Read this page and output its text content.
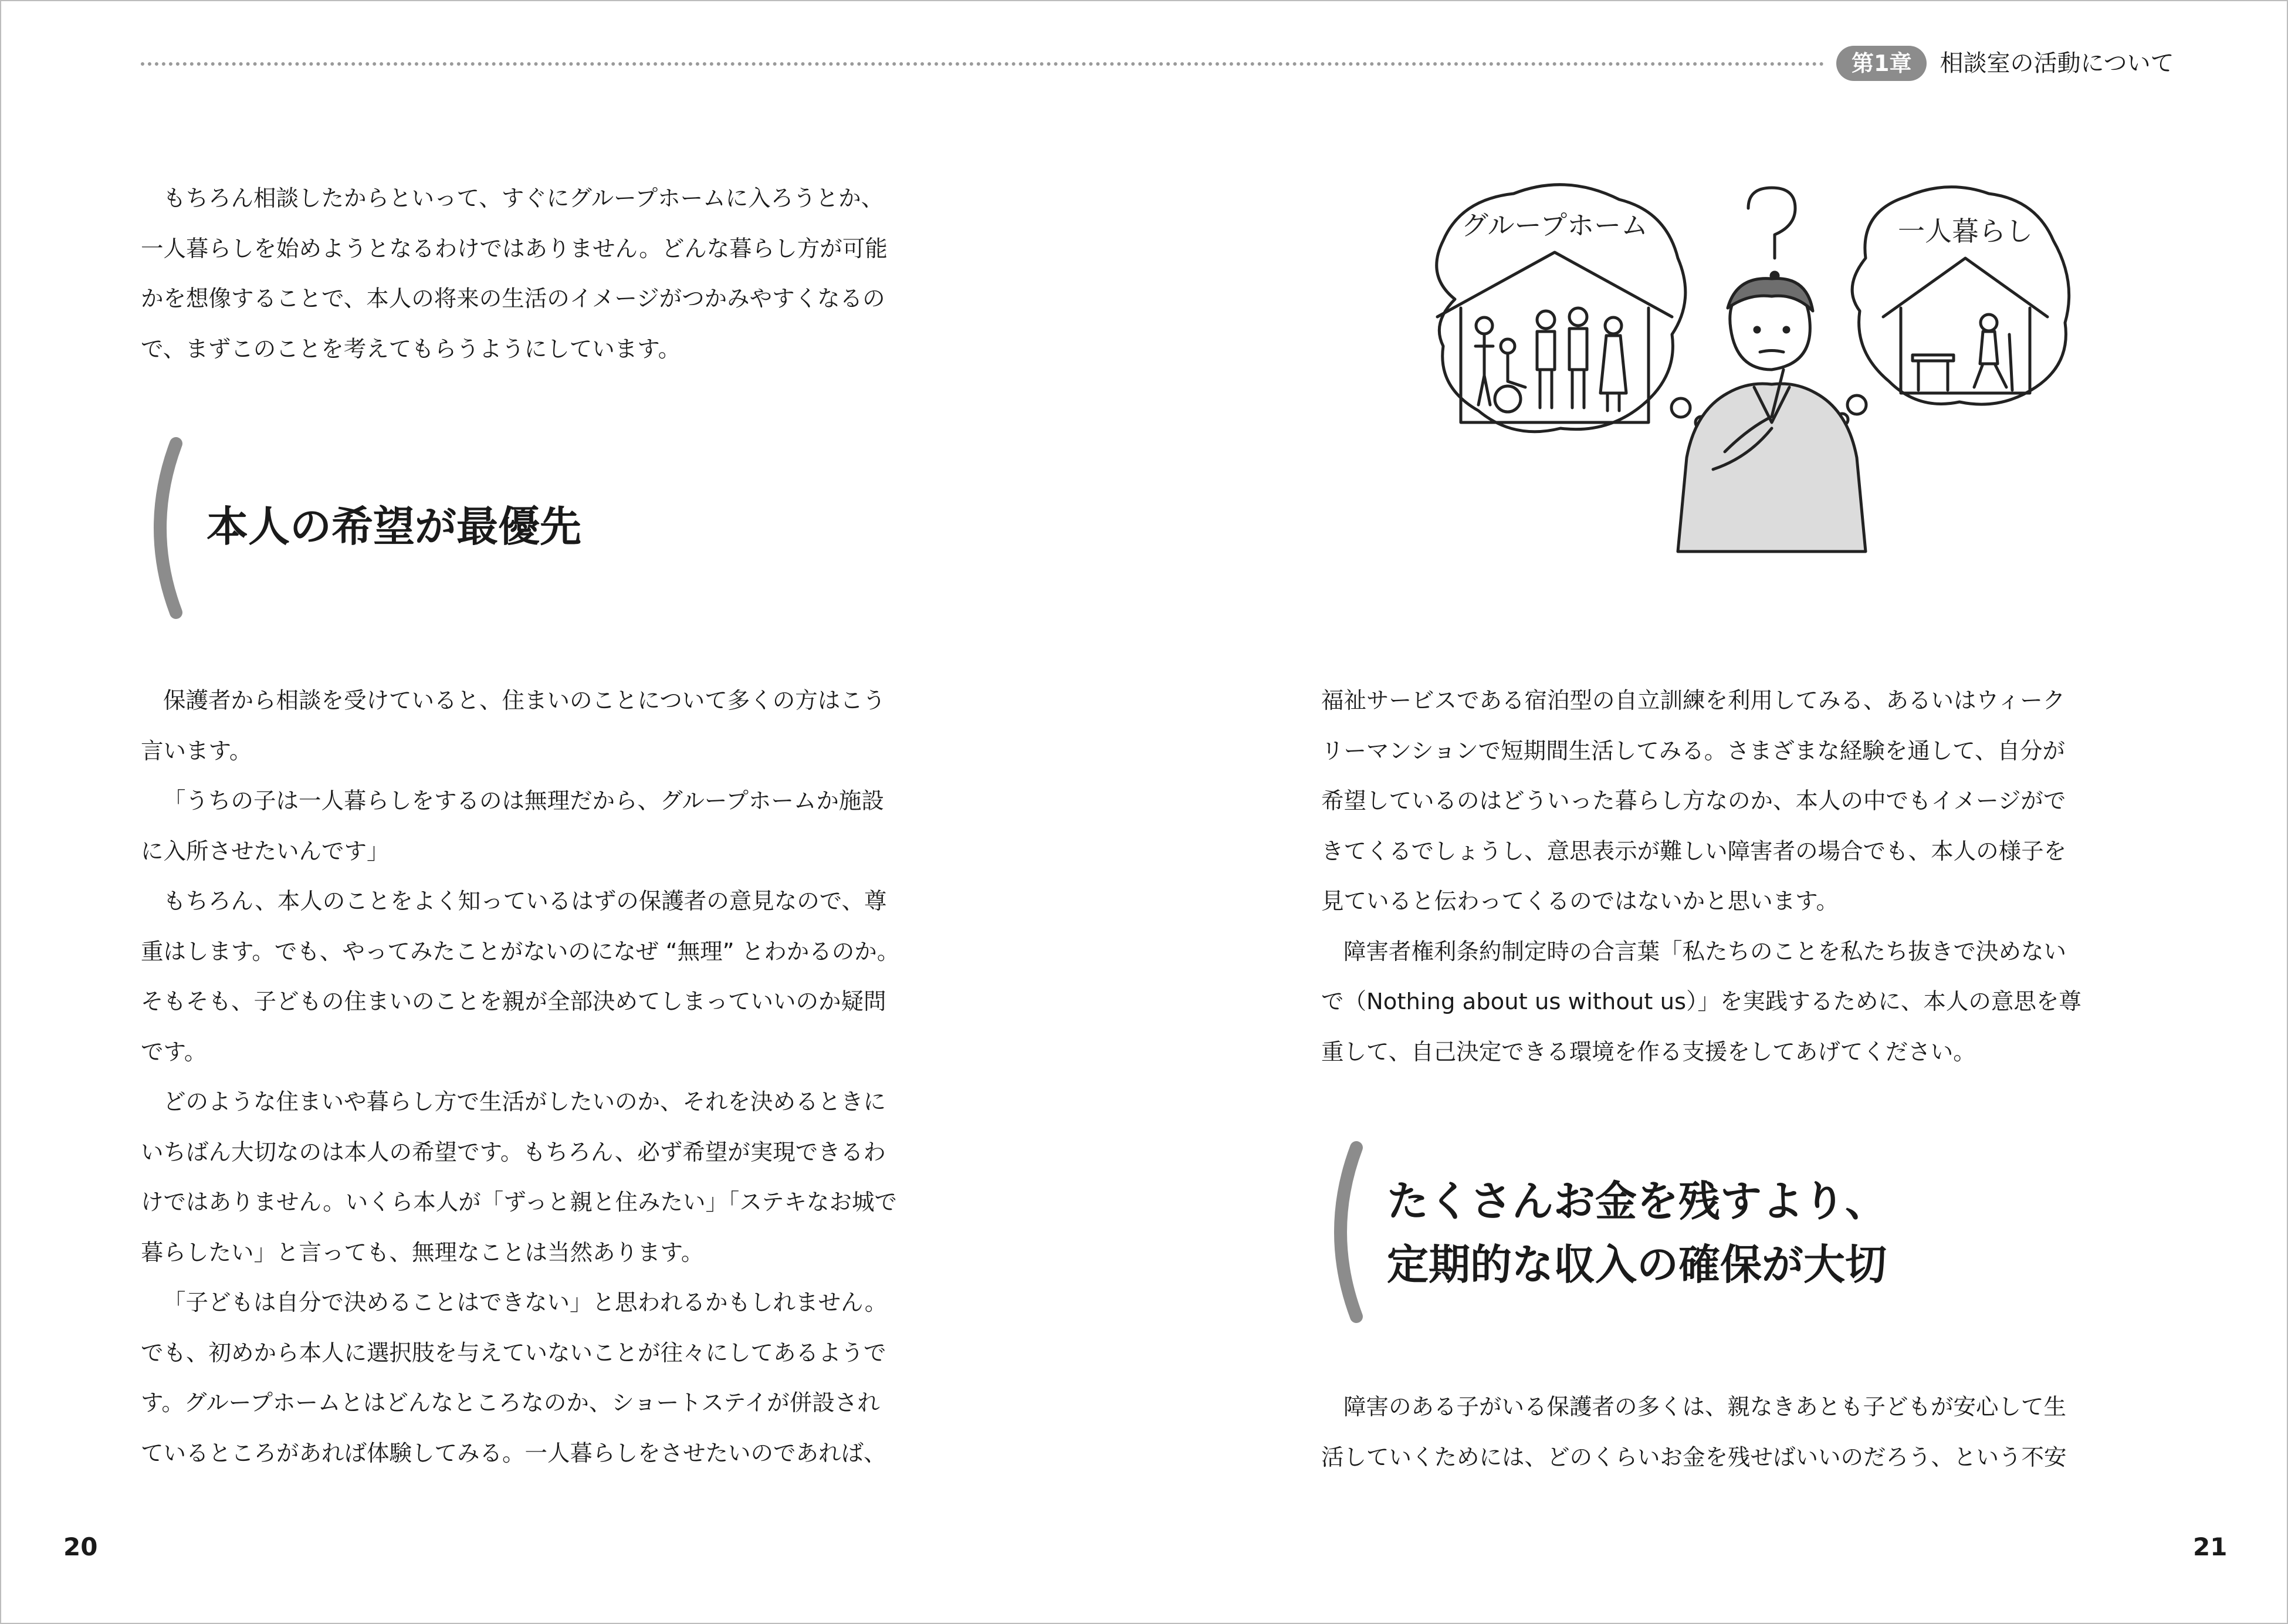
第1章	相談室の活動について

もちろん相談したからといって、すぐにグループホームに入ろうとか、

一人暮らしを始めようとなるわけではありません。どんな暮らし方が可能

かを想像することで、本人の将来の生活のイメージがつかみやすくなるの

で、まずこのことを考えてもらうようにしています。

本人の希望が最優先

保護者から相談を受けていると、住まいのことについて多くの方はこう

言います。

「うちの子は一人暮らしをするのは無理だから、グループホームか施設

に入所させたいんです」

もちろん、本人のことをよく知っているはずの保護者の意見なので、尊

重はします。でも、やってみたことがないのになぜ “無理” とわかるのか。

そもそも、子どもの住まいのことを親が全部決めてしまっていいのか疑問

です。

どのような住まいや暮らし方で生活がしたいのか、それを決めるときに

いちばん大切なのは本人の希望です。もちろん、必ず希望が実現できるわ

けではありません。いくら本人が「ずっと親と住みたい」「ステキなお城で

暮らしたい」と言っても、無理なことは当然あります。

「子どもは自分で決めることはできない」と思われるかもしれません。

でも、初めから本人に選択肢を与えていないことが往々にしてあるようで

す。グループホームとはどんなところなのか、ショートステイが併設され

ているところがあれば体験してみる。一人暮らしをさせたいのであれば、

20
グループホーム	一人暮らし

福祉サービスである宿泊型の自立訓練を利用してみる、あるいはウィーク

リーマンションで短期間生活してみる。さまざまな経験を通して、自分が

希望しているのはどういった暮らし方なのか、本人の中でもイメージがで

きてくるでしょうし、意思表示が難しい障害者の場合でも、本人の様子を

見ていると伝わってくるのではないかと思います。

障害者権利条約制定時の合言葉「私たちのことを私たち抜きで決めない

で（Nothing about us without us）」を実践するために、本人の意思を尊

重して、自己決定できる環境を作る支援をしてあげてください。

たくさんお金を残すより、
定期的な収入の確保が大切

障害のある子がいる保護者の多くは、親なきあとも子どもが安心して生

活していくためには、どのくらいお金を残せばいいのだろう、という不安

21
